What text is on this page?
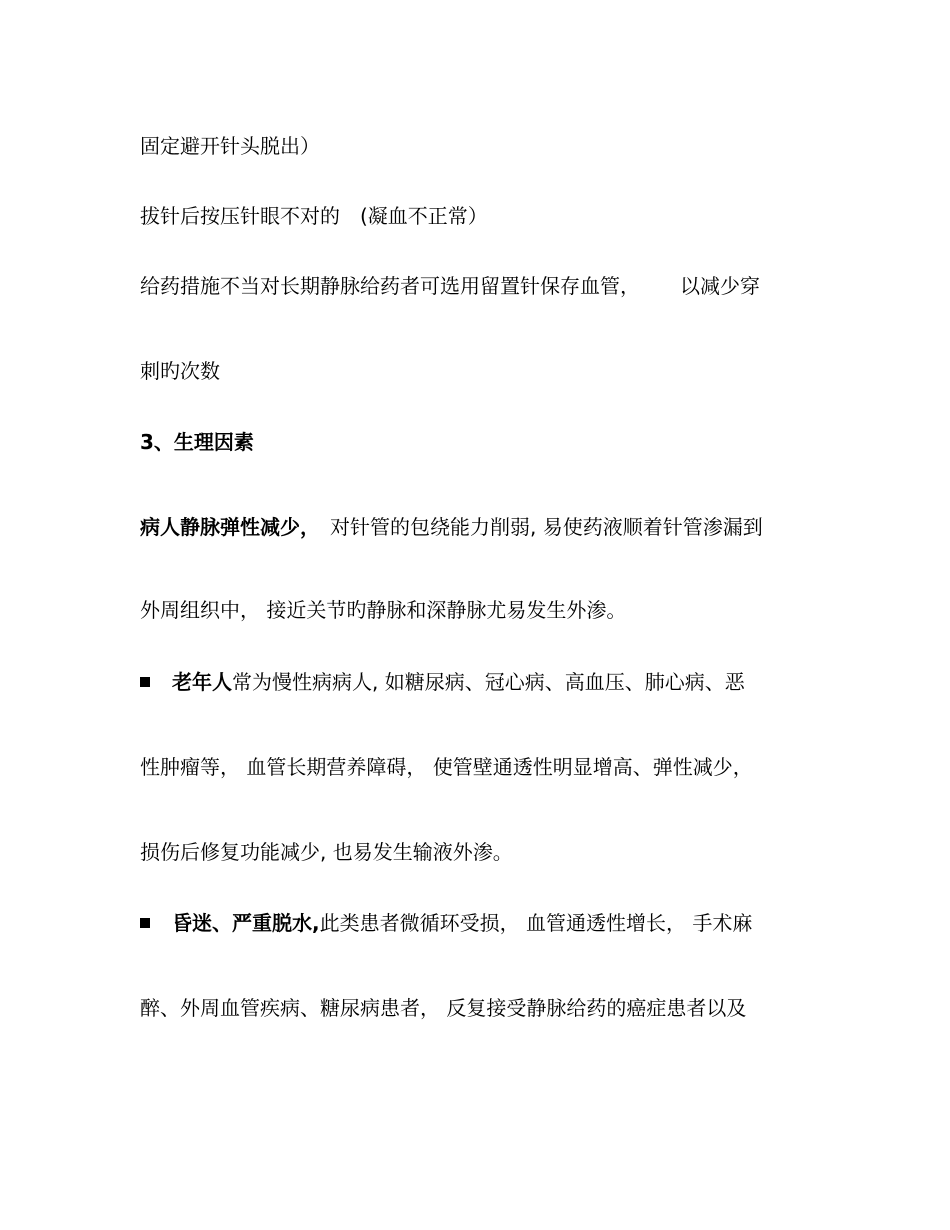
固定避开针头脱出）
拔针后按压针眼不对的　(凝血不正常）
给药措施不当对长期静脉给药者可选用留置针保存血管， 以减少穿
刺旳次数
3、生理因素
病人静脉弹性减少， 对针管的包绕能力削弱, 易使药液顺着针管渗漏到
外周组织中， 接近关节旳静脉和深静脉尤易发生外渗。
老年人常为慢性病病人, 如糖尿病、冠心病、高血压、肺心病、恶
性肿瘤等， 血管长期营养障碍， 使管壁通透性明显增高、弹性减少，
损伤后修复功能减少, 也易发生输液外渗。
昏迷、严重脱水,此类患者微循环受损， 血管通透性增长， 手术麻
醉、外周血管疾病、糖尿病患者， 反复接受静脉给药的癌症患者以及
